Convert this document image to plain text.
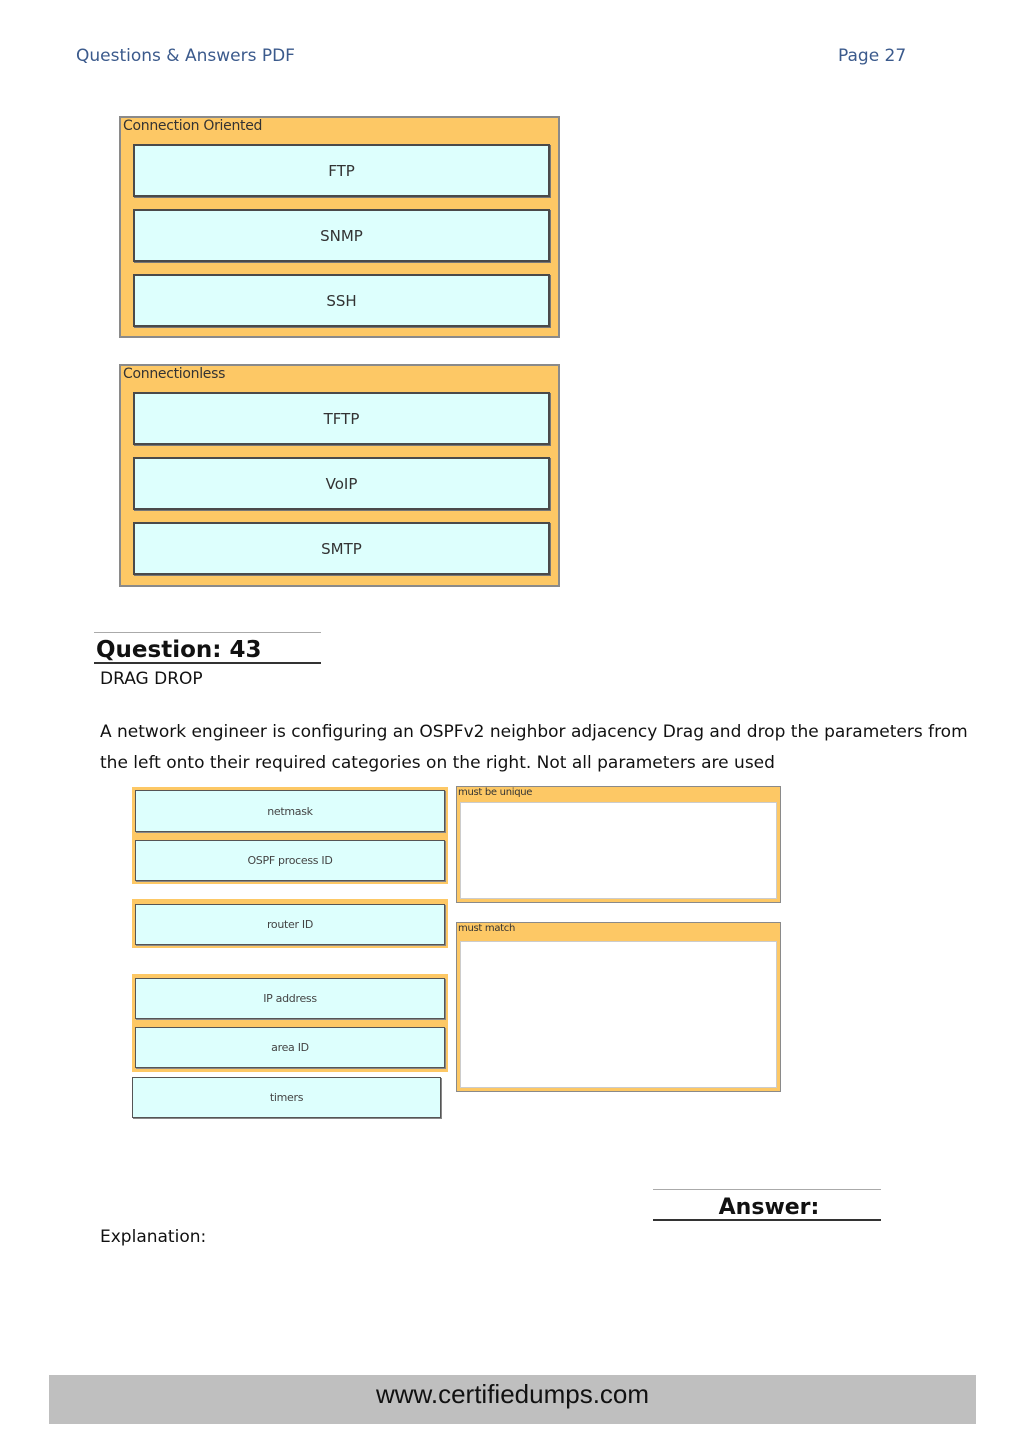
Questions & Answers PDF	Page 27
Connection Oriented
FTP
SNMP
SSH
Connectionless
TFTP
VoIP
SMTP
Question: 43
DRAG DROP
A network engineer is configuring an OSPFv2 neighbor adjacency Drag and drop the parameters from the left onto their required categories on the right. Not all parameters are used
netmask
OSPF process ID
router ID
IP address
area ID
timers
must be unique
must match
Answer:
Explanation:
www.certifiedumps.com
